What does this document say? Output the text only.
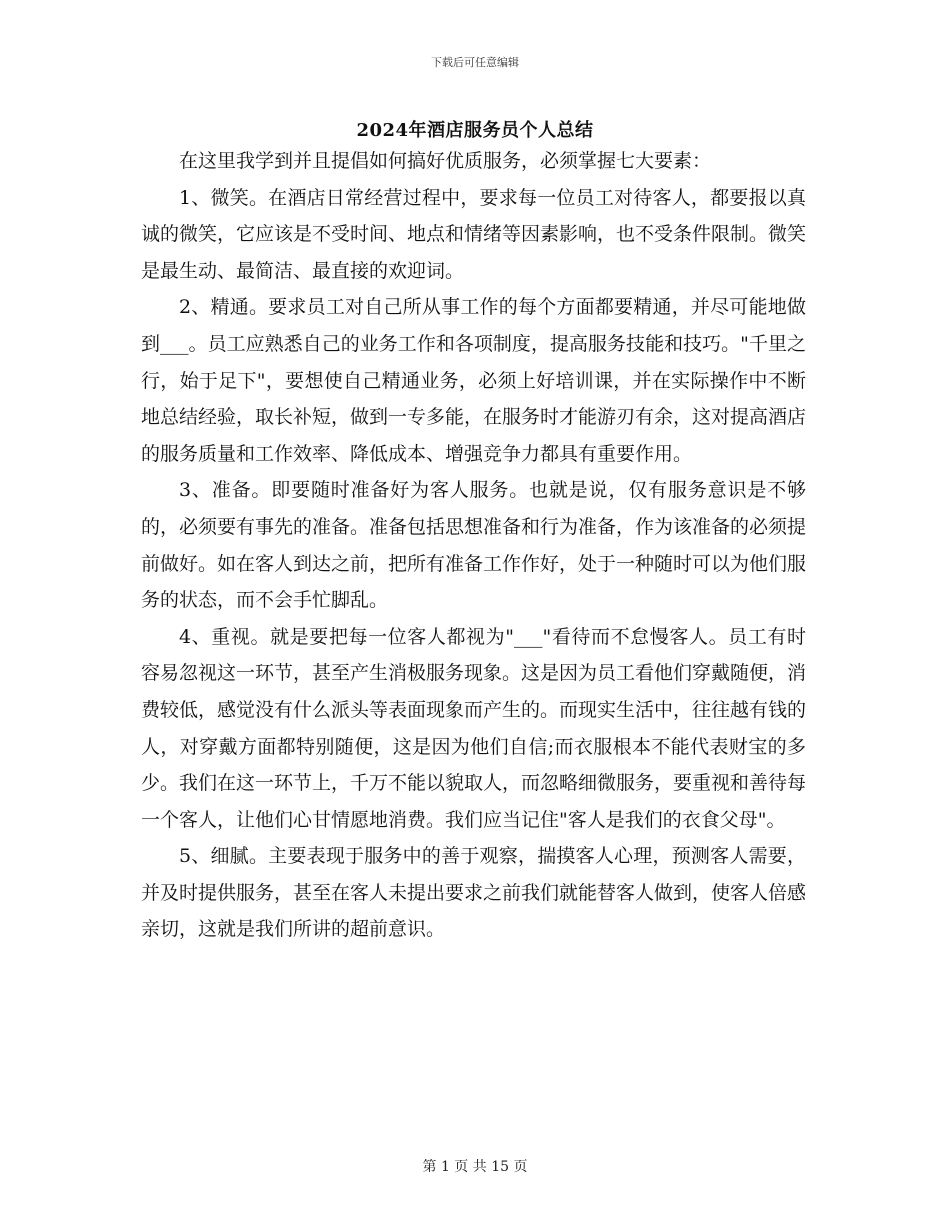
下载后可任意编辑
2024年酒店服务员个人总结

在这里我学到并且提倡如何搞好优质服务，必须掌握七大要素：

1、微笑。在酒店日常经营过程中，要求每一位员工对待客人，都要报以真诚的微笑，它应该是不受时间、地点和情绪等因素影响，也不受条件限制。微笑是最生动、最简洁、最直接的欢迎词。

2、精通。要求员工对自己所从事工作的每个方面都要精通，并尽可能地做到___。员工应熟悉自己的业务工作和各项制度，提高服务技能和技巧。"千里之行，始于足下"，要想使自己精通业务，必须上好培训课，并在实际操作中不断地总结经验，取长补短，做到一专多能，在服务时才能游刃有余，这对提高酒店的服务质量和工作效率、降低成本、增强竞争力都具有重要作用。

3、准备。即要随时准备好为客人服务。也就是说，仅有服务意识是不够的，必须要有事先的准备。准备包括思想准备和行为准备，作为该准备的必须提前做好。如在客人到达之前，把所有准备工作作好，处于一种随时可以为他们服务的状态，而不会手忙脚乱。

4、重视。就是要把每一位客人都视为"___"看待而不怠慢客人。员工有时容易忽视这一环节，甚至产生消极服务现象。这是因为员工看他们穿戴随便，消费较低，感觉没有什么派头等表面现象而产生的。而现实生活中，往往越有钱的人，对穿戴方面都特别随便，这是因为他们自信;而衣服根本不能代表财宝的多少。我们在这一环节上，千万不能以貌取人，而忽略细微服务，要重视和善待每一个客人，让他们心甘情愿地消费。我们应当记住"客人是我们的衣食父母"。

5、细腻。主要表现于服务中的善于观察，揣摸客人心理，预测客人需要，并及时提供服务，甚至在客人未提出要求之前我们就能替客人做到，使客人倍感亲切，这就是我们所讲的超前意识。

第 1 页 共 15 页
